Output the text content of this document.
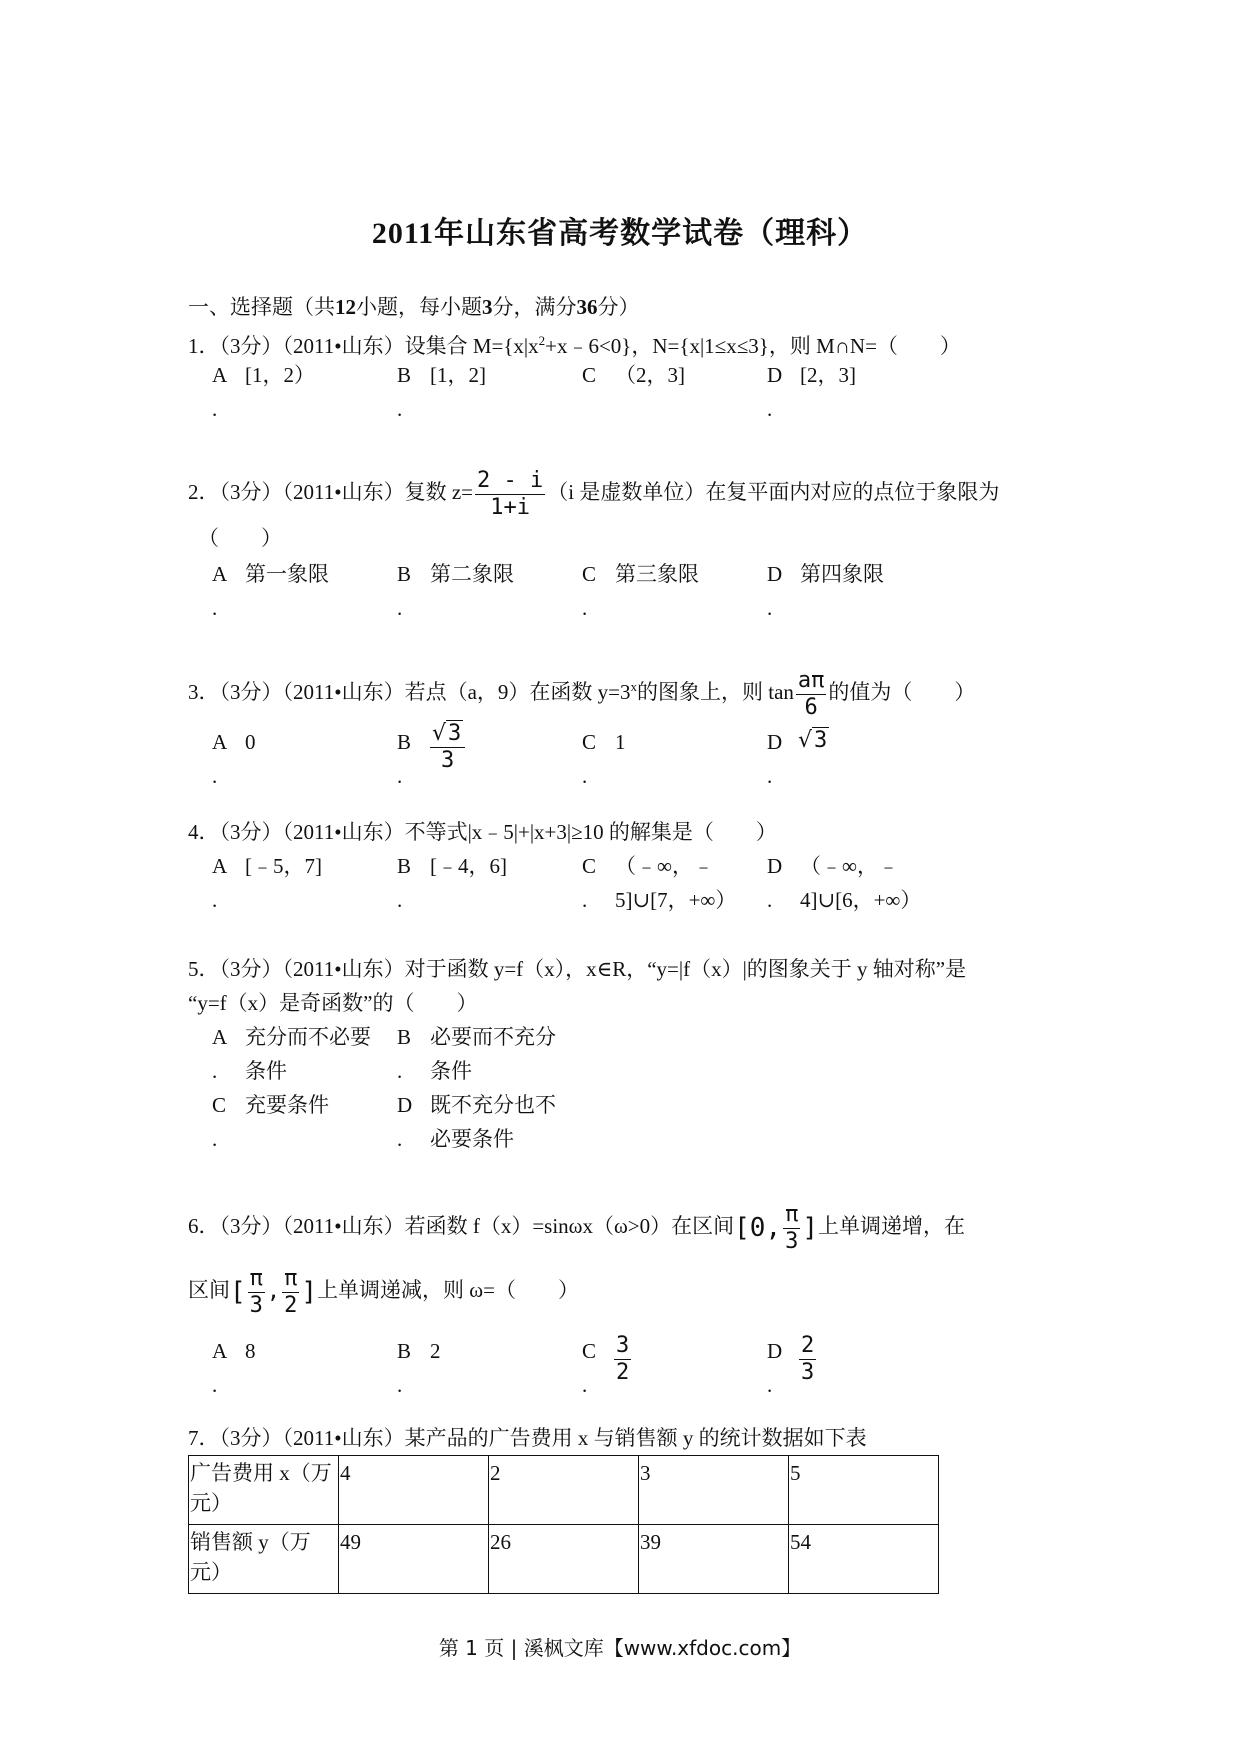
2011年山东省高考数学试卷（理科）
一、选择题（共12小题，每小题3分，满分36分）
1．（3分）（2011•山东）设集合 $M=\{x|x^2+x﹣6<0\}$，N={x|1≤x≤3}，则 M∩N=（　　）
A
.
[1，2）	B
.
[1，2]	C （2，3]	D
.
[2，3]
2．（3分）（2011•山东）复数 $z= \frac{2 - i}{1+i} (i$ 是虚数单位）在复平面内对应的点位于象限为
（　　）
A
.
第一象限	B
.
第二象限	C
.
第三象限	D
.
第四象限
3．（3分）（2011•山东）若点（a，9）在函数 $y=3^x$的图象上，则 $\tan \frac{a\pi}{6}$ 的值为（　　）
A
.
0	B
.
$\frac{√3}{3}$	C
.
1	D
.
√3
4．（3分）（2011•山东）不等式|x﹣5|+|x+3|≥10 的解集是（　　）
A
.
[﹣5，7]	B
.
[﹣4，6]	C
.
（﹣∞，﹣
5]∪[7，+∞）
D
.
（﹣∞，﹣
4]∪[6，+∞）
5．（3分）（2011•山东）对于函数 y=f（x），x∈R，“y=|f（x）|的图象关于 y 轴对称”是
“y=f（x）是奇函数”的（　　）
A
.
充分而不必要
条件
B
.
必要而不充分
条件
C
.
充要条件	D
.
既不充分也不
必要条件
6．（3分）（2011•山东）若函数 f（x）=sinωx（ω>0）在区间[0, $\frac{\pi}{3}$ ]上单调递增，在
区间[ $\frac{\pi}{3}$ , $\frac{\pi}{2}$ ]上单调递减，则 ω=（　　）
A
.
8	B
.
2	C
. $\frac{3}{2}$	D
. $\frac{2}{3}$
7．（3分）（2011•山东）某产品的广告费用 x 与销售额 y 的统计数据如下表
广告费用 x（万元）	4	2	3	5
销售额 y（万元）	49	26	39	54
第 1 页 | 溪枫文库【www.xfdoc.com】
